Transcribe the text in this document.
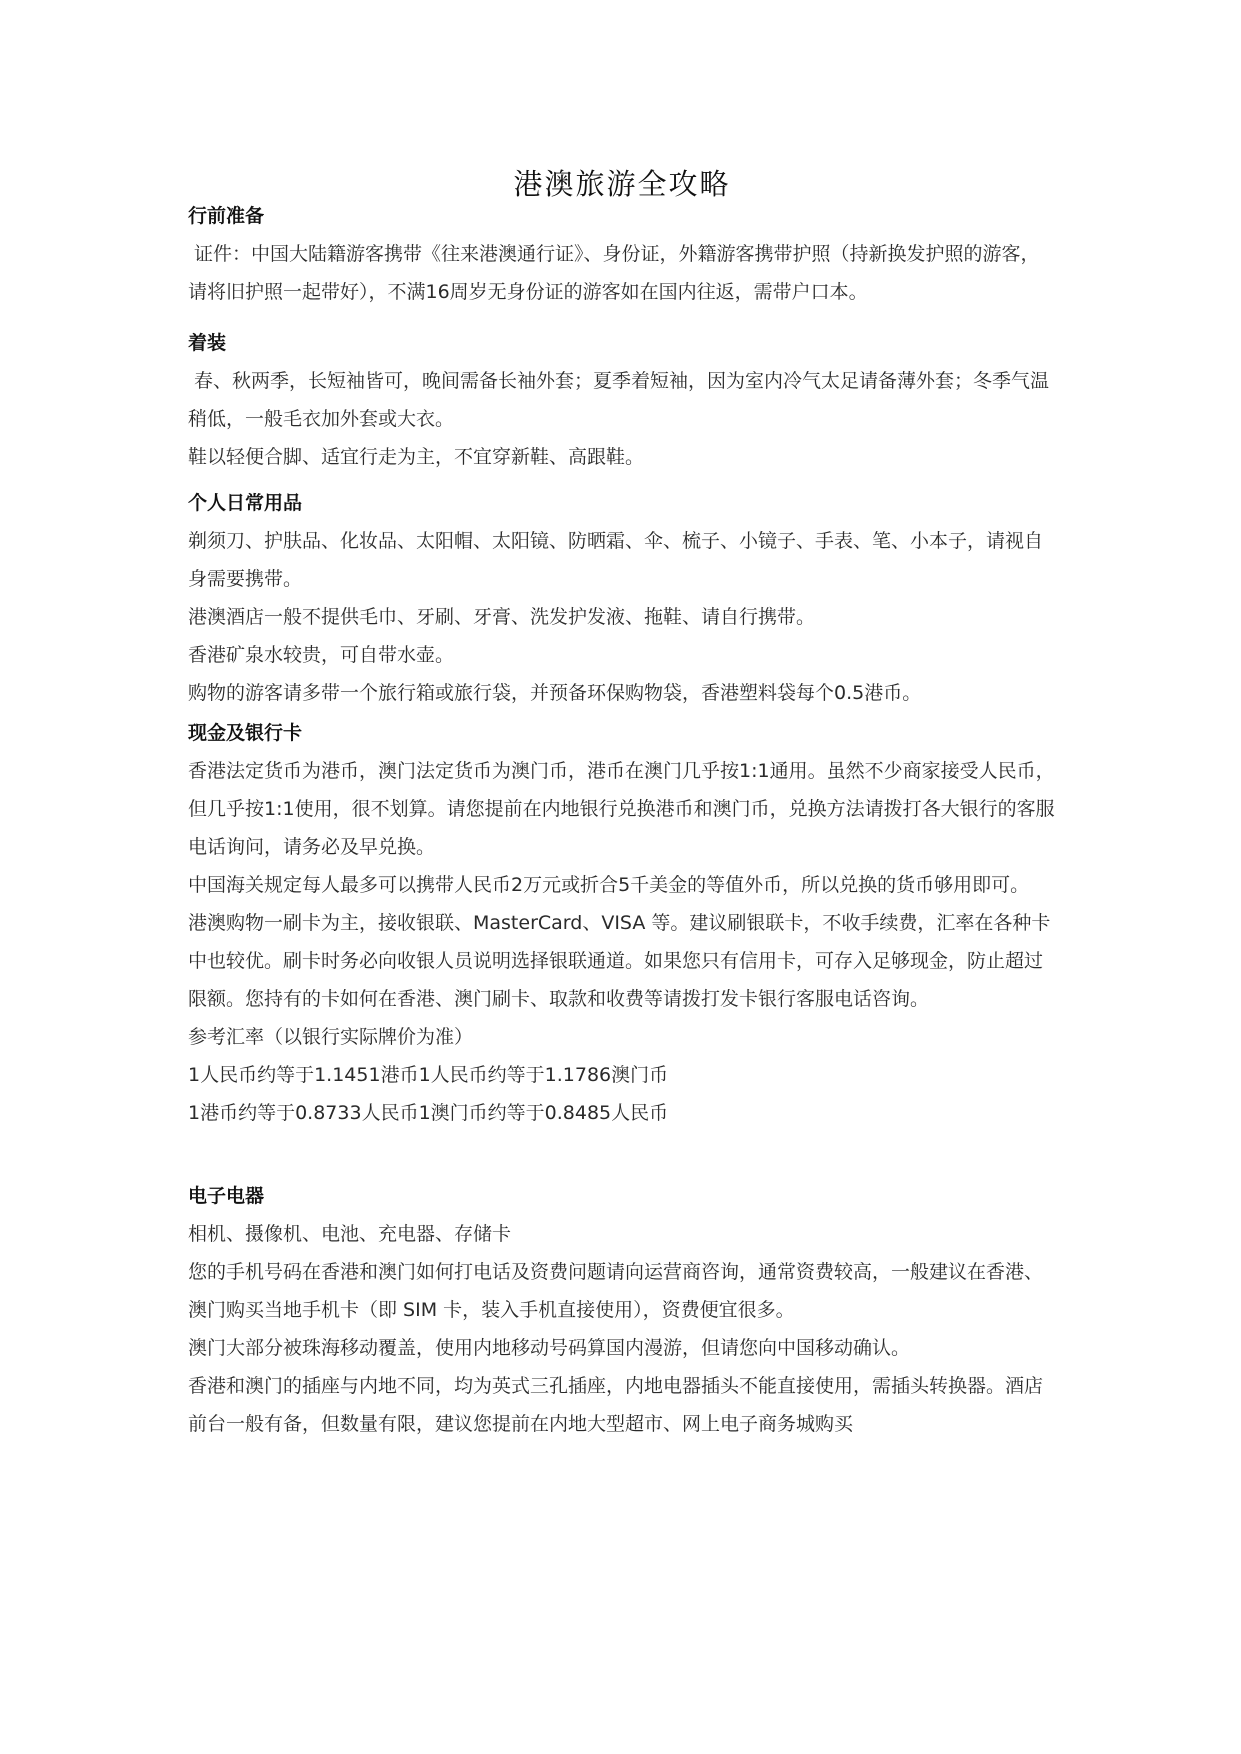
港澳旅游全攻略
行前准备

证件：中国大陆籍游客携带《往来港澳通行证》、身份证，外籍游客携带护照（持新换发护照的游客，请将旧护照一起带好），不满16周岁无身份证的游客如在国内往返，需带户口本。

着装

春、秋两季，长短袖皆可，晚间需备长袖外套；夏季着短袖，因为室内冷气太足请备薄外套；冬季气温稍低，一般毛衣加外套或大衣。

鞋以轻便合脚、适宜行走为主，不宜穿新鞋、高跟鞋。

个人日常用品

剃须刀、护肤品、化妆品、太阳帽、太阳镜、防晒霜、伞、梳子、小镜子、手表、笔、小本子，请视自身需要携带。

港澳酒店一般不提供毛巾、牙刷、牙膏、洗发护发液、拖鞋、请自行携带。

香港矿泉水较贵，可自带水壶。

购物的游客请多带一个旅行箱或旅行袋，并预备环保购物袋，香港塑料袋每个0.5港币。

现金及银行卡

香港法定货币为港币，澳门法定货币为澳门币，港币在澳门几乎按1:1通用。虽然不少商家接受人民币，但几乎按1:1使用，很不划算。请您提前在内地银行兑换港币和澳门币，兑换方法请拨打各大银行的客服电话询问，请务必及早兑换。

中国海关规定每人最多可以携带人民币2万元或折合5千美金的等值外币，所以兑换的货币够用即可。

港澳购物一刷卡为主，接收银联、MasterCard、VISA 等。建议刷银联卡，不收手续费，汇率在各种卡中也较优。刷卡时务必向收银人员说明选择银联通道。如果您只有信用卡，可存入足够现金，防止超过限额。您持有的卡如何在香港、澳门刷卡、取款和收费等请拨打发卡银行客服电话咨询。

参考汇率（以银行实际牌价为准）

1人民币约等于1.1451港币1人民币约等于1.1786澳门币

1港币约等于0.8733人民币1澳门币约等于0.8485人民币

电子电器

相机、摄像机、电池、充电器、存储卡

您的手机号码在香港和澳门如何打电话及资费问题请向运营商咨询，通常资费较高，一般建议在香港、澳门购买当地手机卡（即 SIM 卡，装入手机直接使用），资费便宜很多。

澳门大部分被珠海移动覆盖，使用内地移动号码算国内漫游，但请您向中国移动确认。

香港和澳门的插座与内地不同，均为英式三孔插座，内地电器插头不能直接使用，需插头转换器。酒店前台一般有备，但数量有限，建议您提前在内地大型超市、网上电子商务城购买
